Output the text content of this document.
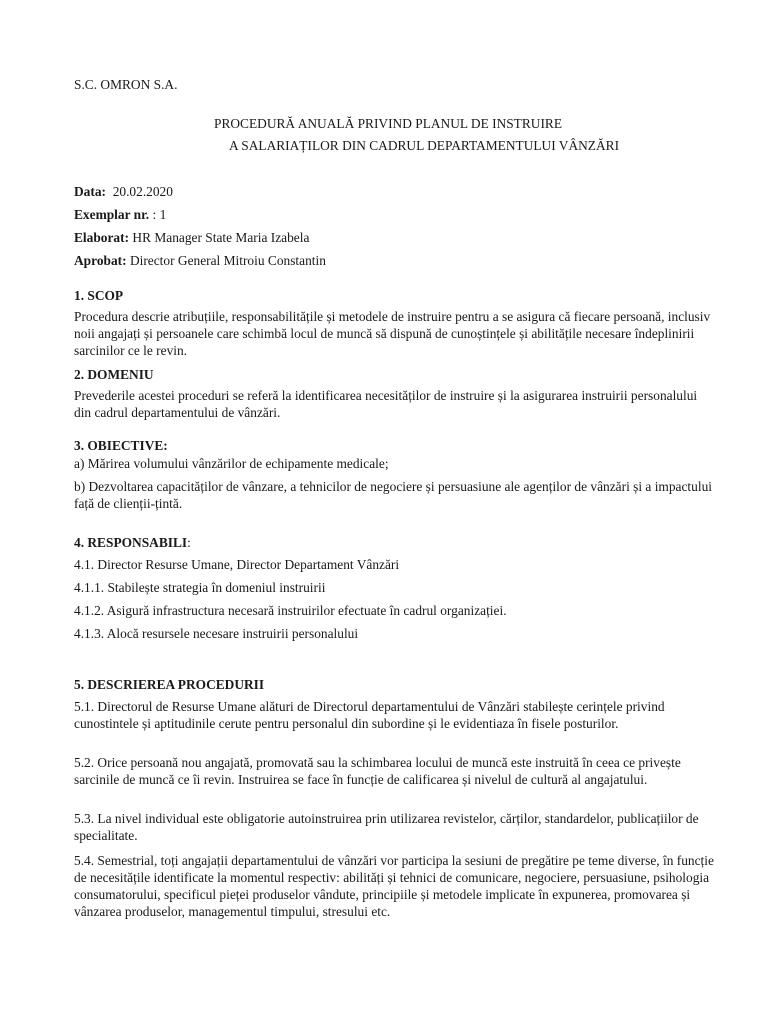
S.C. OMRON S.A.
PROCEDURĂ ANUALĂ PRIVIND PLANUL DE INSTRUIRE
A SALARIAȚILOR DIN CADRUL DEPARTAMENTULUI VÂNZĂRI
Data: 20.02.2020
Exemplar nr. : 1
Elaborat: HR Manager State Maria Izabela
Aprobat: Director General Mitroiu Constantin
1. SCOP
Procedura descrie atribuțiile, responsabilitățile și metodele de instruire pentru a se asigura că fiecare persoană, inclusiv noii angajați și persoanele care schimbă locul de muncă să dispună de cunoștințele și abilitățile necesare îndeplinirii sarcinilor ce le revin.
2. DOMENIU
Prevederile acestei proceduri se referă la identificarea necesităților de instruire și la asigurarea instruirii personalului din cadrul departamentului de vânzări.
3. OBIECTIVE:
a) Mărirea volumului vânzărilor de echipamente medicale;
b) Dezvoltarea capacităților de vânzare, a tehnicilor de negociere și persuasiune ale agenților de vânzări și a impactului față de clienții-țintă.
4. RESPONSABILI:
4.1. Director Resurse Umane, Director Departament Vânzări
4.1.1. Stabilește strategia în domeniul instruirii
4.1.2. Asigură infrastructura necesară instruirilor efectuate în cadrul organizației.
4.1.3. Alocă resursele necesare instruirii personalului
5. DESCRIEREA PROCEDURII
5.1. Directorul de Resurse Umane alături de Directorul departamentului de Vânzări stabilește cerințele privind cunostintele și aptitudinile cerute pentru personalul din subordine și le evidentiaza în fisele posturilor.
5.2. Orice persoană nou angajată, promovată sau la schimbarea locului de muncă este instruită în ceea ce privește sarcinile de muncă ce îi revin. Instruirea se face în funcție de calificarea și nivelul de cultură al angajatului.
5.3. La nivel individual este obligatorie autoinstruirea prin utilizarea revistelor, cărților, standardelor, publicațiilor de specialitate.
5.4. Semestrial, toți angajații departamentului de vânzări vor participa la sesiuni de pregătire pe teme diverse, în funcție de necesitățile identificate la momentul respectiv: abilități și tehnici de comunicare, negociere, persuasiune, psihologia consumatorului, specificul pieței produselor vândute, principiile și metodele implicate în expunerea, promovarea și vânzarea produselor, managementul timpului, stresului etc.
